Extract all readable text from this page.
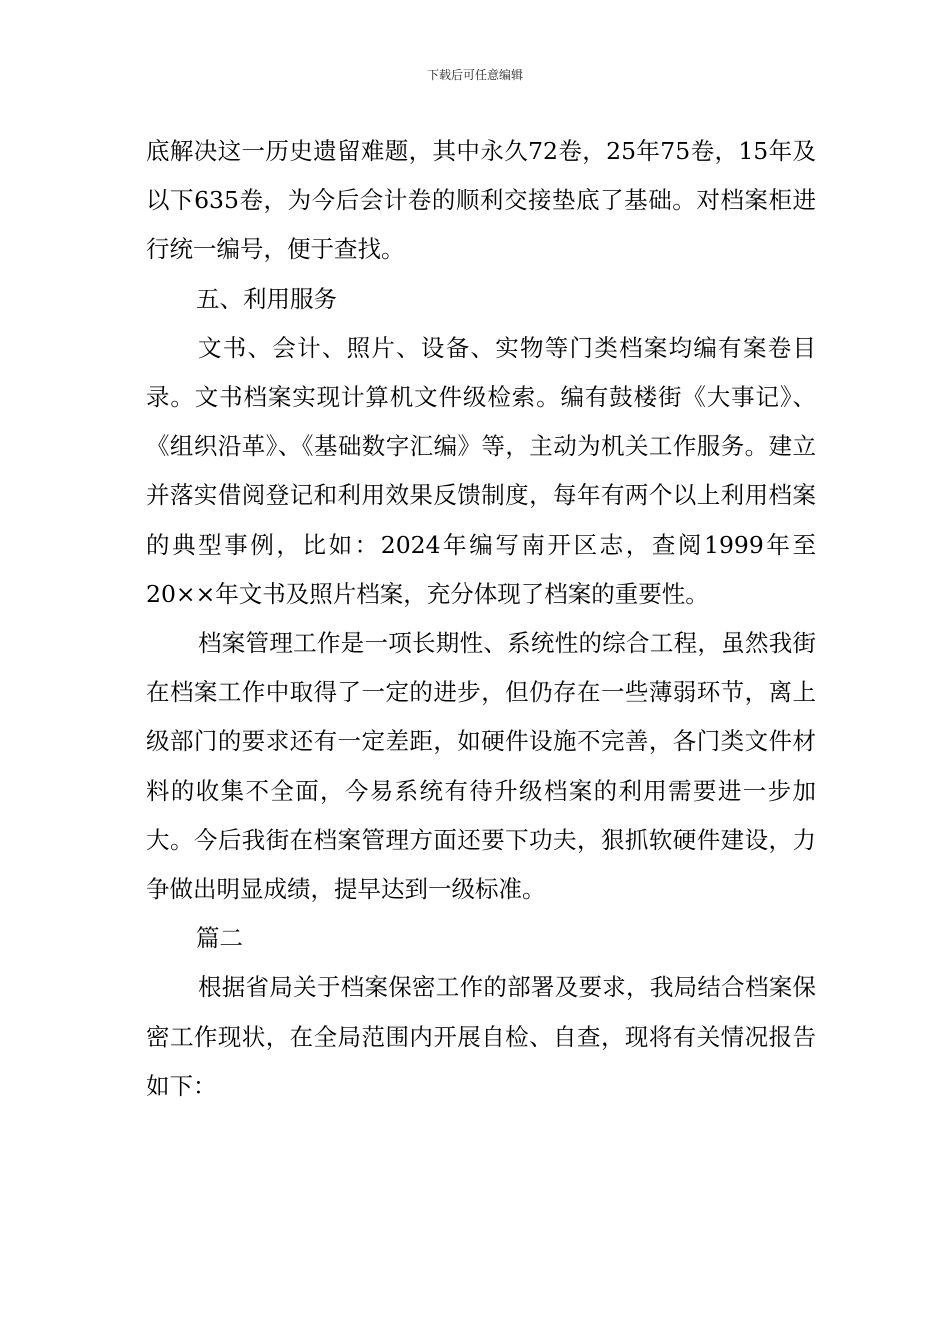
下载后可任意编辑

底解决这一历史遗留难题，其中永久72卷，25年75卷，15年及以下635卷，为今后会计卷的顺利交接垫底了基础。对档案柜进行统一编号，便于查找。

五、利用服务

文书、会计、照片、设备、实物等门类档案均编有案卷目录。文书档案实现计算机文件级检索。编有鼓楼街《大事记》、《组织沿革》、《基础数字汇编》等，主动为机关工作服务。建立并落实借阅登记和利用效果反馈制度，每年有两个以上利用档案的典型事例，比如：2024年编写南开区志，查阅1999年至20××年文书及照片档案，充分体现了档案的重要性。

档案管理工作是一项长期性、系统性的综合工程，虽然我街在档案工作中取得了一定的进步，但仍存在一些薄弱环节，离上级部门的要求还有一定差距，如硬件设施不完善，各门类文件材料的收集不全面，今易系统有待升级档案的利用需要进一步加大。今后我街在档案管理方面还要下功夫，狠抓软硬件建设，力争做出明显成绩，提早达到一级标准。

篇二

根据省局关于档案保密工作的部署及要求，我局结合档案保密工作现状，在全局范围内开展自检、自查，现将有关情况报告如下：
